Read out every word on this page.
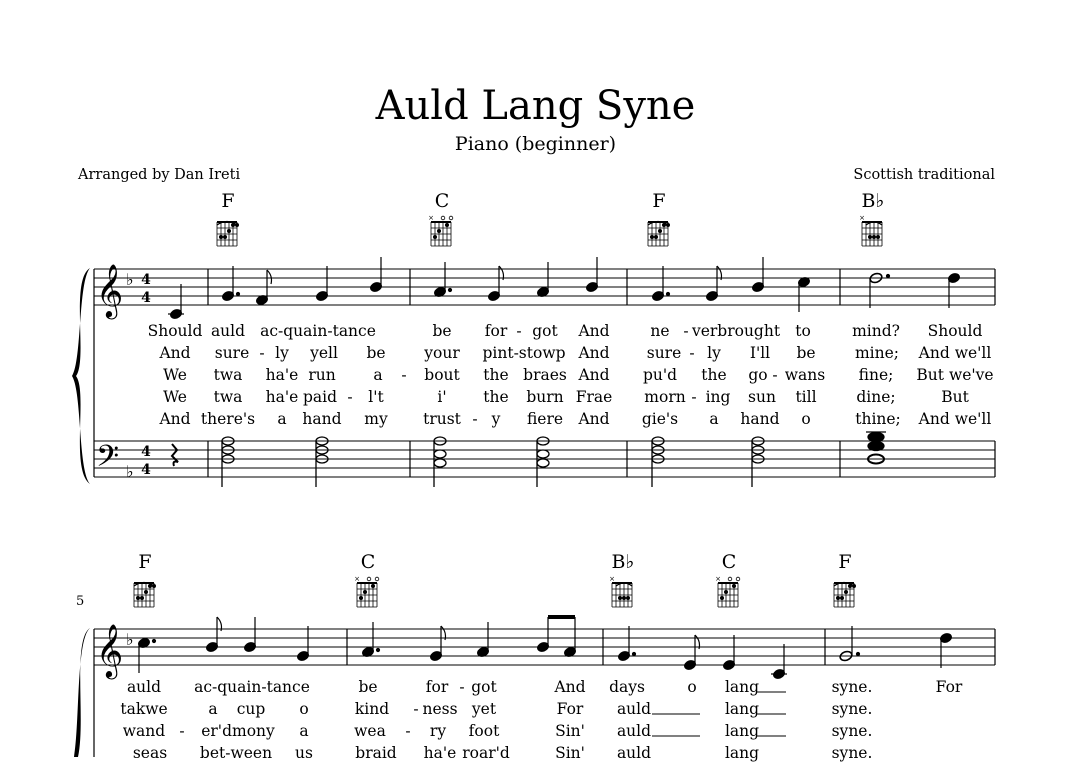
Auld Lang Syne
Piano (beginner)
Arranged by Dan Ireti	Scottish traditional
F	C	F	B♭
F	C	B♭	C	F
5
Should auld ac-quain-tance	be for - got And	ne - verbrought to	mind? Should
And sure - ly yell be your pint-stowp And sure - ly I'll be	mine; And we'll
We twa ha'e run a - bout the braes And pu'd the go - wans fine; But we've
We twa ha'e paid - l't	i' the burn Frae morn - ing sun till	dine;	But
And there's a hand my trust - y fiere And gie's a hand o	thine; And we'll
auld ac-quain-tance	be	for - got	And days	o lang	syne.	For
takwe	a cup o	kind - ness yet	For auld	lang	syne.
wand - er'dmony a	wea - ry foot	Sin' auld	lang	syne.
seas bet-ween us	braid ha'e roar'd	Sin' auld	lang	syne.
𝄞
𝄢
♭
♭
4
4
4
4
𝄞 ♭
